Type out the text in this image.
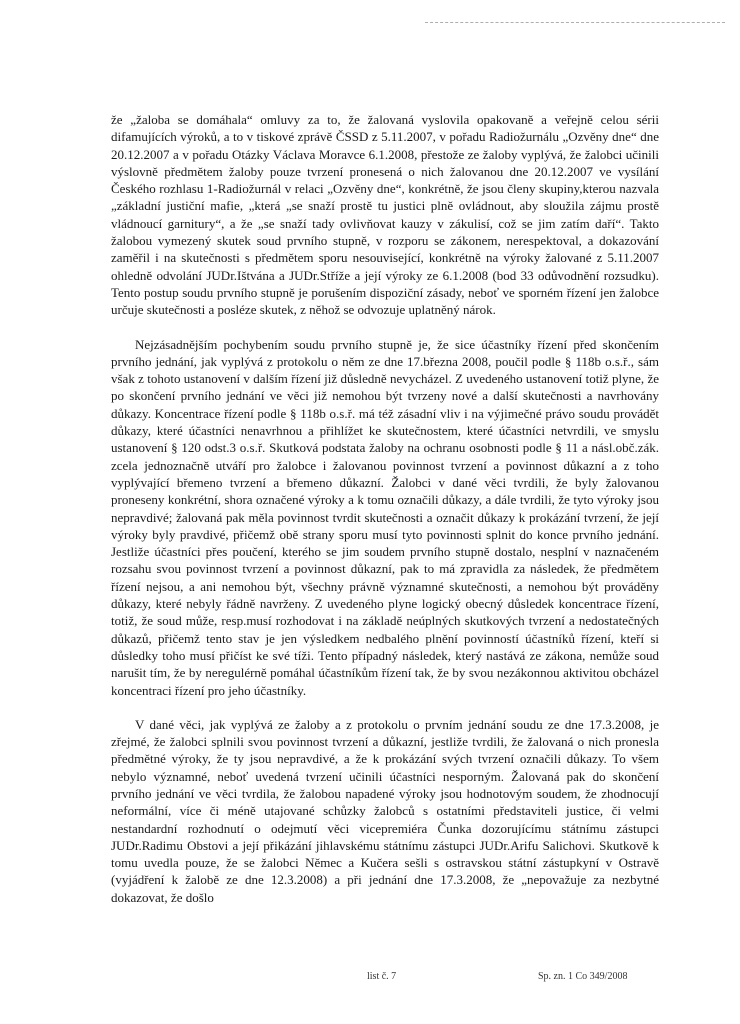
že „žaloba se domáhala“ omluvy za to, že žalovaná vyslovila opakovaně a veřejně celou sérii difamujících výroků, a to v tiskové zprávě ČSSD z 5.11.2007, v pořadu Radiožurnálu „Ozvěny dne“ dne 20.12.2007 a v pořadu Otázky Václava Moravce 6.1.2008, přestože ze žaloby vyplývá, že žalobci učinili výslovně předmětem žaloby pouze tvrzení pronesená o nich žalovanou dne 20.12.2007 ve vysílání Českého rozhlasu 1-Radiožurnál v relaci „Ozvěny dne“, konkrétně, že jsou členy skupiny,kterou nazvala „základní justiční mafie, „která „se snaží prostě tu justici plně ovládnout, aby sloužila zájmu prostě vládnoucí garnitury“, a že „se snaží tady ovlivňovat kauzy v zákulisí, což se jim zatím daří“. Takto žalobou vymezený skutek soud prvního stupně, v rozporu se zákonem, nerespektoval, a dokazování zaměřil i na skutečnosti s předmětem sporu nesouvisející, konkrétně na výroky žalované z 5.11.2007 ohledně odvolání JUDr.Ištvána a JUDr.Stříže a její výroky ze 6.1.2008 (bod 33 odůvodnění rozsudku). Tento postup soudu prvního stupně je porušením dispoziční zásady, neboť ve sporném řízení jen žalobce určuje skutečnosti a posléze skutek, z něhož se odvozuje uplatněný nárok.

Nejzásadnějším pochybením soudu prvního stupně je, že sice účastníky řízení před skončením prvního jednání, jak vyplývá z protokolu o něm ze dne 17.března 2008, poučil podle § 118b o.s.ř., sám však z tohoto ustanovení v dalším řízení již důsledně nevycházel. Z uvedeného ustanovení totiž plyne, že po skončení prvního jednání ve věci již nemohou být tvrzeny nové a další skutečnosti a navrhovány důkazy. Koncentrace řízení podle § 118b o.s.ř. má též zásadní vliv i na výjimečné právo soudu provádět důkazy, které účastníci nenavrhnou a přihlížet ke skutečnostem, které účastníci netvrdili, ve smyslu ustanovení § 120 odst.3 o.s.ř. Skutková podstata žaloby na ochranu osobnosti podle § 11 a násl.obč.zák. zcela jednoznačně utváří pro žalobce i žalovanou povinnost tvrzení a povinnost důkazní a z toho vyplývající břemeno tvrzení a břemeno důkazní. Žalobci v dané věci tvrdili, že byly žalovanou proneseny konkrétní, shora označené výroky a k tomu označili důkazy, a dále tvrdili, že tyto výroky jsou nepravdivé; žalovaná pak měla povinnost tvrdit skutečnosti a označit důkazy k prokázání tvrzení, že její výroky byly pravdivé, přičemž obě strany sporu musí tyto povinnosti splnit do konce prvního jednání. Jestliže účastníci přes poučení, kterého se jim soudem prvního stupně dostalo, nesplní v naznačeném rozsahu svou povinnost tvrzení a povinnost důkazní, pak to má zpravidla za následek, že předmětem řízení nejsou, a ani nemohou být, všechny právně významné skutečnosti, a nemohou být prováděny důkazy, které nebyly řádně navrženy. Z uvedeného plyne logický obecný důsledek koncentrace řízení, totiž, že soud může, resp.musí rozhodovat i na základě neúplných skutkových tvrzení a nedostatečných důkazů, přičemž tento stav je jen výsledkem nedbalého plnění povinností účastníků řízení, kteří si důsledky toho musí přičíst ke své tíži. Tento případný následek, který nastává ze zákona, nemůže soud narušit tím, že by neregulérně pomáhal účastníkům řízení tak, že by svou nezákonnou aktivitou obcházel koncentraci řízení pro jeho účastníky.

V dané věci, jak vyplývá ze žaloby a z protokolu o prvním jednání soudu ze dne 17.3.2008, je zřejmé, že žalobci splnili svou povinnost tvrzení a důkazní, jestliže tvrdili, že žalovaná o nich pronesla předmětné výroky, že ty jsou nepravdivé, a že k prokázání svých tvrzení označili důkazy. To všem nebylo významné, neboť uvedená tvrzení učinili účastníci nesporným. Žalovaná pak do skončení prvního jednání ve věci tvrdila, že žalobou napadené výroky jsou hodnotovým soudem, že zhodnocují neformální, více či méně utajované schůzky žalobců s ostatními představiteli justice, či velmi nestandardní rozhodnutí o odejmutí věci vicepremiéra Čunka dozorujícímu státnímu zástupci JUDr.Radimu Obstovi a její přikázání jihlavskému státnímu zástupci JUDr.Arifu Salichovi. Skutkově k tomu uvedla pouze, že se žalobci Němec a Kučera sešli s ostravskou státní zástupkyní v Ostravě (vyjádření k žalobě ze dne 12.3.2008) a při jednání dne 17.3.2008, že „nepovažuje za nezbytné dokazovat, že došlo

list č. 7	Sp. zn. 1 Co 349/2008
